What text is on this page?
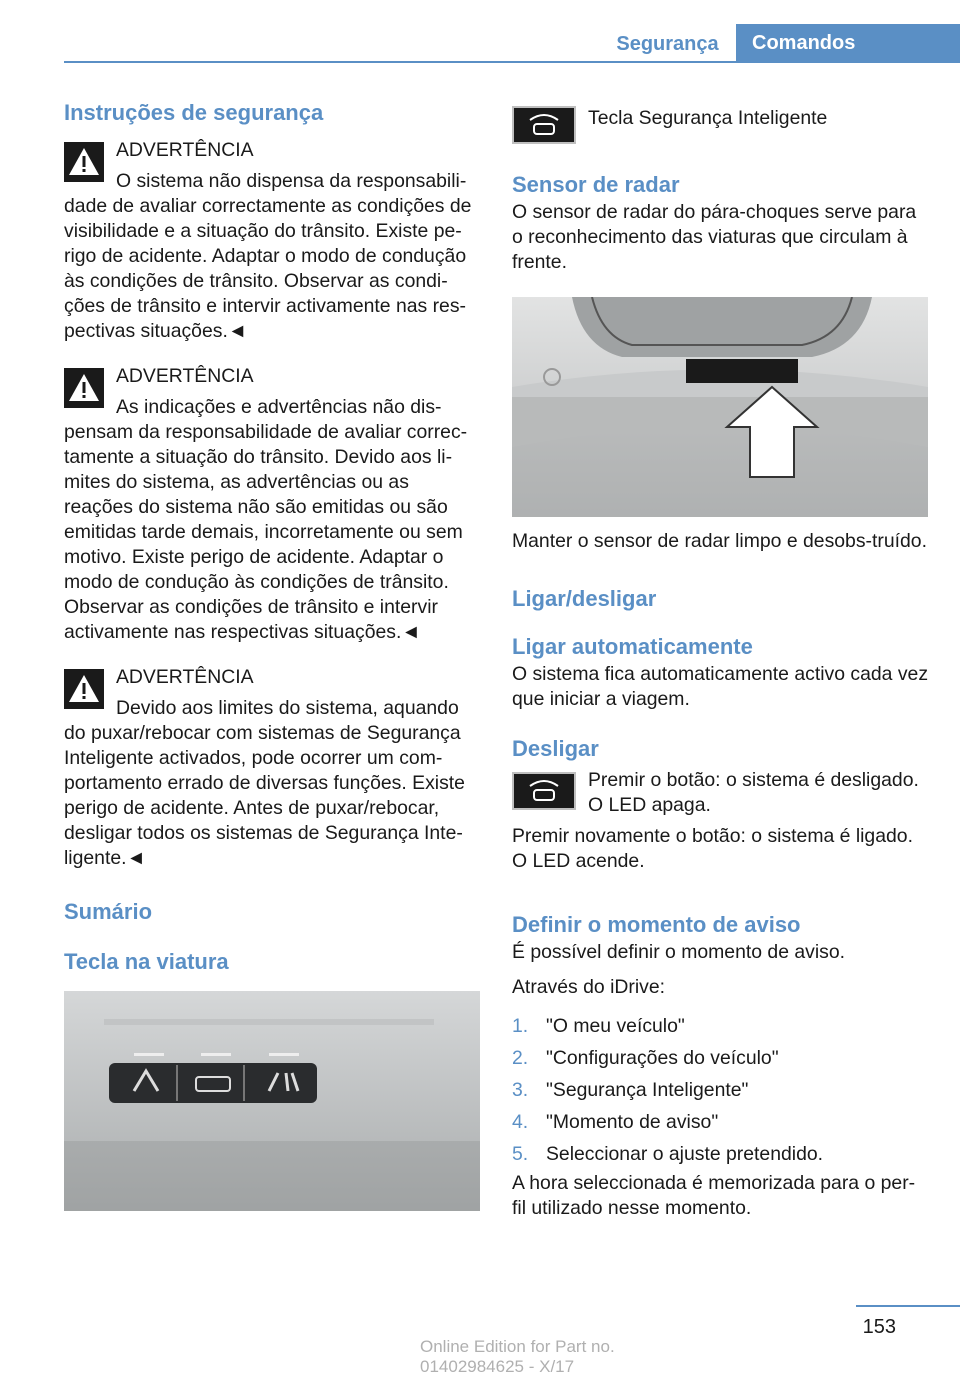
Segurança	Comandos

Instruções de segurança

ADVERTÊNCIA

O sistema não dispensa da responsabili-dade de avaliar correctamente as condições de visibilidade e a situação do trânsito. Existe pe-rigo de acidente. Adaptar o modo de condução às condições de trânsito. Observar as condi-ções de trânsito e intervir activamente nas res-pectivas situações.◄

ADVERTÊNCIA

As indicações e advertências não dis-pensam da responsabilidade de avaliar correc-tamente a situação do trânsito. Devido aos li-mites do sistema, as advertências ou as reações do sistema não são emitidas ou são emitidas tarde demais, incorretamente ou sem motivo. Existe perigo de acidente. Adaptar o modo de condução às condições de trânsito. Observar as condições de trânsito e intervir activamente nas respectivas situações.◄

ADVERTÊNCIA

Devido aos limites do sistema, aquando do puxar/rebocar com sistemas de Segurança Inteligente activados, pode ocorrer um com-portamento errado de diversas funções. Existe perigo de acidente. Antes de puxar/rebocar, desligar todos os sistemas de Segurança Inte-ligente.◄

Sumário

Tecla na viatura

Tecla Segurança Inteligente

Sensor de radar

O sensor de radar do pára-choques serve para o reconhecimento das viaturas que circulam à frente.

Manter o sensor de radar limpo e desobs-truído.

Ligar/desligar

Ligar automaticamente

O sistema fica automaticamente activo cada vez que iniciar a viagem.

Desligar

Premir o botão: o sistema é desligado. O LED apaga.

Premir novamente o botão: o sistema é ligado. O LED acende.

Definir o momento de aviso

É possível definir o momento de aviso.

Através do iDrive:

1. "O meu veículo"
2. "Configurações do veículo"
3. "Segurança Inteligente"
4. "Momento de aviso"
5. Seleccionar o ajuste pretendido.

A hora seleccionada é memorizada para o per-fil utilizado nesse momento.

153
Online Edition for Part no. 01402984625 - X/17
